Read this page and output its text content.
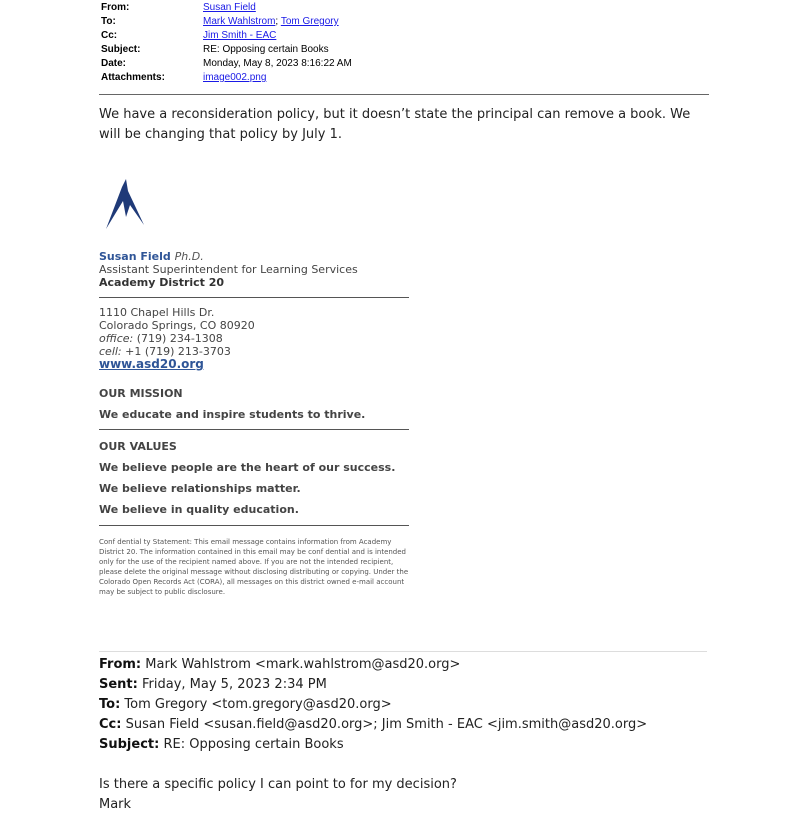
From:	Susan Field
To:	Mark Wahlstrom; Tom Gregory
Cc:	Jim Smith - EAC
Subject:	RE: Opposing certain Books
Date:	Monday, May 8, 2023 8:16:22 AM
Attachments:	image002.png
We have a reconsideration policy, but it doesn’t state the principal can remove a book. We will be changing that policy by July 1.
Susan Field Ph.D.
Assistant Superintendent for Learning Services
Academy District 20
1110 Chapel Hills Dr.
Colorado Springs, CO 80920
office: (719) 234-1308
cell: +1 (719) 213-3703
www.asd20.org
OUR MISSION
We educate and inspire students to thrive.
OUR VALUES
We believe people are the heart of our success.
We believe relationships matter.
We believe in quality education.
Conf dential ty Statement: This email message contains information from Academy District 20. The information contained in this email may be conf dential and is intended only for the use of the recipient named above. If you are not the intended recipient, please delete the original message without disclosing distributing or copying. Under the Colorado Open Records Act (CORA), all messages on this district owned e-mail account may be subject to public disclosure.
From: Mark Wahlstrom <mark.wahlstrom@asd20.org>
Sent: Friday, May 5, 2023 2:34 PM
To: Tom Gregory <tom.gregory@asd20.org>
Cc: Susan Field <susan.field@asd20.org>; Jim Smith - EAC <jim.smith@asd20.org>
Subject: RE: Opposing certain Books
Is there a specific policy I can point to for my decision?
Mark
